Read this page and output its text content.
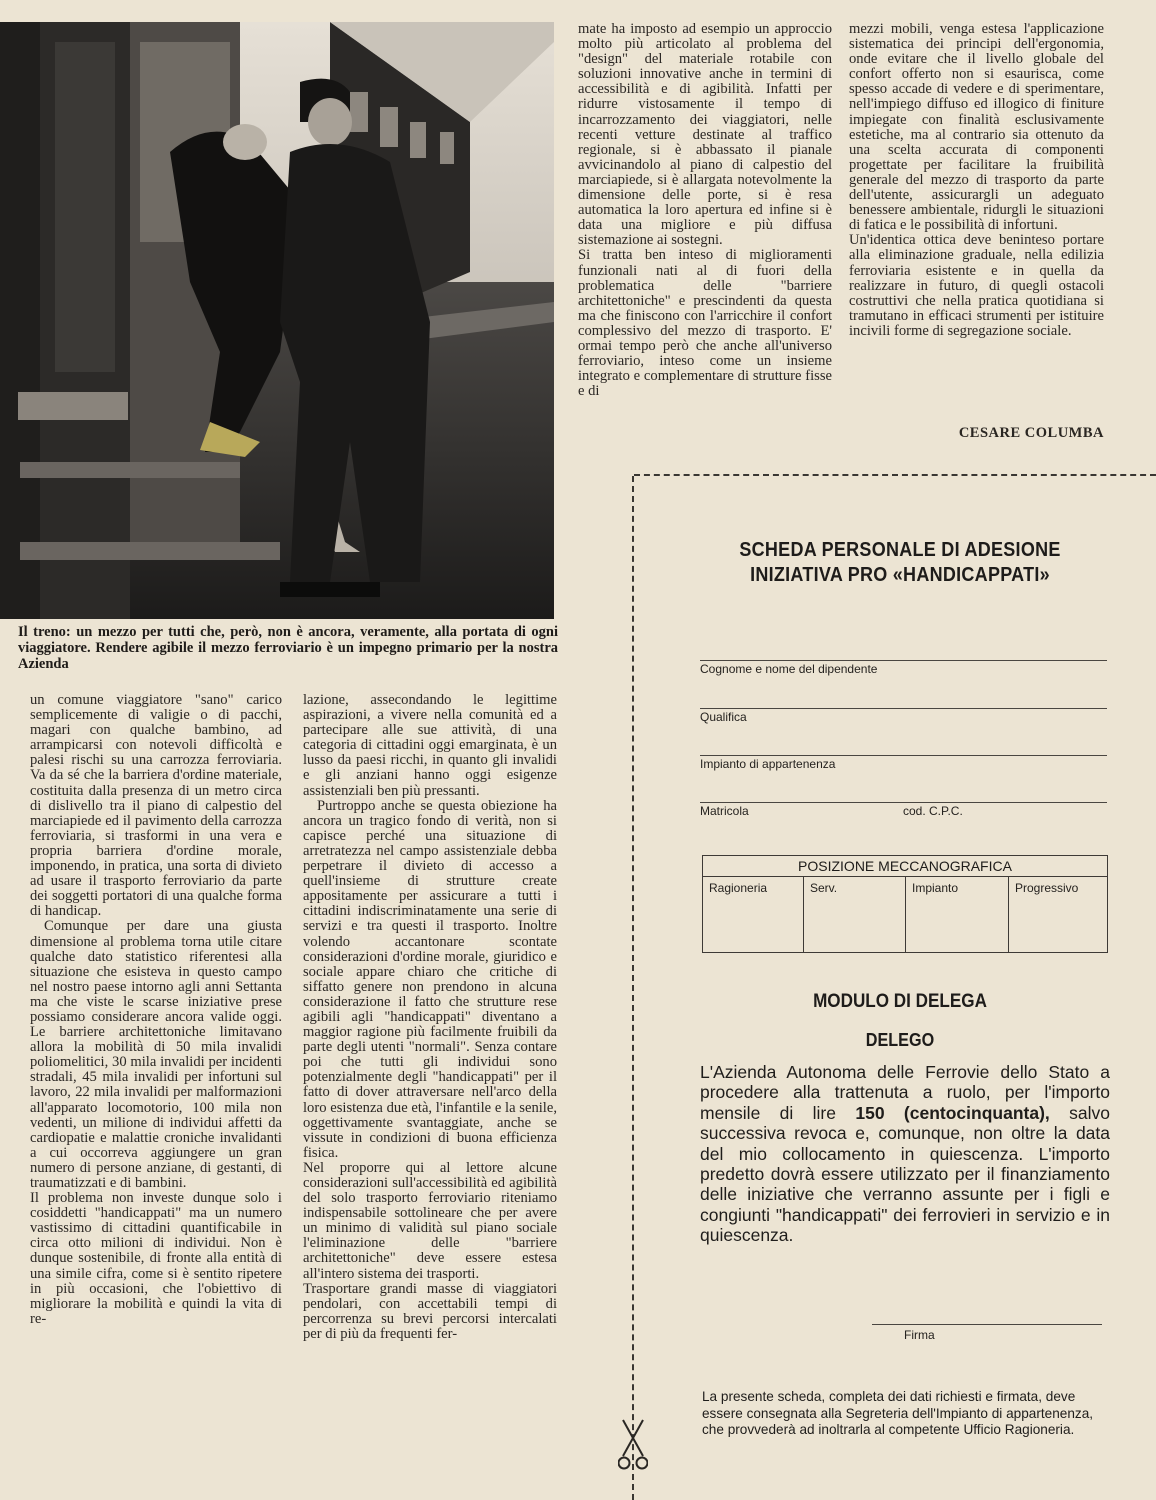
Il treno: un mezzo per tutti che, però, non è ancora, veramente, alla portata di ogni viaggiatore. Rendere agibile il mezzo ferroviario è un impegno primario per la nostra Azienda

un comune viaggiatore "sano" carico semplicemente di valigie o di pacchi, magari con qualche bambino, ad arrampicarsi con notevoli difficoltà e palesi rischi su una carrozza ferroviaria. Va da sé che la barriera d'ordine materiale, costituita dalla presenza di un metro circa di dislivello tra il piano di calpestio del marciapiede ed il pavimento della carrozza ferroviaria, si trasformi in una vera e propria barriera d'ordine morale, imponendo, in pratica, una sorta di divieto ad usare il trasporto ferroviario da parte dei soggetti portatori di una qualche forma di handicap.

Comunque per dare una giusta dimensione al problema torna utile citare qualche dato statistico riferentesi alla situazione che esisteva in questo campo nel nostro paese intorno agli anni Settanta ma che viste le scarse iniziative prese possiamo considerare ancora valide oggi. Le barriere architettoniche limitavano allora la mobilità di 50 mila invalidi poliomelitici, 30 mila invalidi per incidenti stradali, 45 mila invalidi per infortuni sul lavoro, 22 mila invalidi per malformazioni all'apparato locomotorio, 100 mila non vedenti, un milione di individui affetti da cardiopatie e malattie croniche invalidanti a cui occorreva aggiungere un gran numero di persone anziane, di gestanti, di traumatizzati e di bambini.

Il problema non investe dunque solo i cosiddetti "handicappati" ma un numero vastissimo di cittadini quantificabile in circa otto milioni di individui. Non è dunque sostenibile, di fronte alla entità di una simile cifra, come si è sentito ripetere in più occasioni, che l'obiettivo di migliorare la mobilità e quindi la vita di re-

lazione, assecondando le legittime aspirazioni, a vivere nella comunità ed a partecipare alle sue attività, di una categoria di cittadini oggi emarginata, è un lusso da paesi ricchi, in quanto gli invalidi e gli anziani hanno oggi esigenze assistenziali ben più pressanti.

Purtroppo anche se questa obiezione ha ancora un tragico fondo di verità, non si capisce perché una situazione di arretratezza nel campo assistenziale debba perpetrare il divieto di accesso a quell'insieme di strutture create appositamente per assicurare a tutti i cittadini indiscriminatamente una serie di servizi e tra questi il trasporto. Inoltre volendo accantonare scontate considerazioni d'ordine morale, giuridico e sociale appare chiaro che critiche di siffatto genere non prendono in alcuna considerazione il fatto che strutture rese agibili agli "handicappati" diventano a maggior ragione più facilmente fruibili da parte degli utenti "normali". Senza contare poi che tutti gli individui sono potenzialmente degli "handicappati" per il fatto di dover attraversare nell'arco della loro esistenza due età, l'infantile e la senile, oggettivamente svantaggiate, anche se vissute in condizioni di buona efficienza fisica.

Nel proporre qui al lettore alcune considerazioni sull'accessibilità ed agibilità del solo trasporto ferroviario riteniamo indispensabile sottolineare che per avere un minimo di validità sul piano sociale l'eliminazione delle "barriere architettoniche" deve essere estesa all'intero sistema dei trasporti.

Trasportare grandi masse di viaggiatori pendolari, con accettabili tempi di percorrenza su brevi percorsi intercalati per di più da frequenti fer-

mate ha imposto ad esempio un approccio molto più articolato al problema del "design" del materiale rotabile con soluzioni innovative anche in termini di accessibilità e di agibilità. Infatti per ridurre vistosamente il tempo di incarrozzamento dei viaggiatori, nelle recenti vetture destinate al traffico regionale, si è abbassato il pianale avvicinandolo al piano di calpestio del marciapiede, si è allargata notevolmente la dimensione delle porte, si è resa automatica la loro apertura ed infine si è data una migliore e più diffusa sistemazione ai sostegni.

Si tratta ben inteso di miglioramenti funzionali nati al di fuori della problematica delle "barriere architettoniche" e prescindenti da questa ma che finiscono con l'arricchire il confort complessivo del mezzo di trasporto. E' ormai tempo però che anche all'universo ferroviario, inteso come un insieme integrato e complementare di strutture fisse e di

mezzi mobili, venga estesa l'applicazione sistematica dei principi dell'ergonomia, onde evitare che il livello globale del confort offerto non si esaurisca, come spesso accade di vedere e di sperimentare, nell'impiego diffuso ed illogico di finiture impiegate con finalità esclusivamente estetiche, ma al contrario sia ottenuto da una scelta accurata di componenti progettate per facilitare la fruibilità generale del mezzo di trasporto da parte dell'utente, assicurargli un adeguato benessere ambientale, ridurgli le situazioni di fatica e le possibilità di infortuni.

Un'identica ottica deve beninteso portare alla eliminazione graduale, nella edilizia ferroviaria esistente e in quella da realizzare in futuro, di quegli ostacoli costruttivi che nella pratica quotidiana si tramutano in efficaci strumenti per istituire incivili forme di segregazione sociale.

CESARE COLUMBA
SCHEDA PERSONALE DI ADESIONE
INIZIATIVA PRO «HANDICAPPATI»
Cognome e nome del dipendente
Qualifica
Impianto di appartenenza
Matricola	cod. C.P.C.
POSIZIONE MECCANOGRAFICA
Ragioneria	Serv.	Impianto	Progressivo
MODULO DI DELEGA
DELEGO
L'Azienda Autonoma delle Ferrovie dello Stato a procedere alla trattenuta a ruolo, per l'importo mensile di lire 150 (centocinquanta), salvo successiva revoca e, comunque, non oltre la data del mio collocamento in quiescenza. L'importo predetto dovrà essere utilizzato per il finanziamento delle iniziative che verranno assunte per i figli e congiunti "handicappati" dei ferrovieri in servizio e in quiescenza.
Firma
La presente scheda, completa dei dati richiesti e firmata, deve essere consegnata alla Segreteria dell'Impianto di appartenenza, che provvederà ad inoltrarla al competente Ufficio Ragioneria.
